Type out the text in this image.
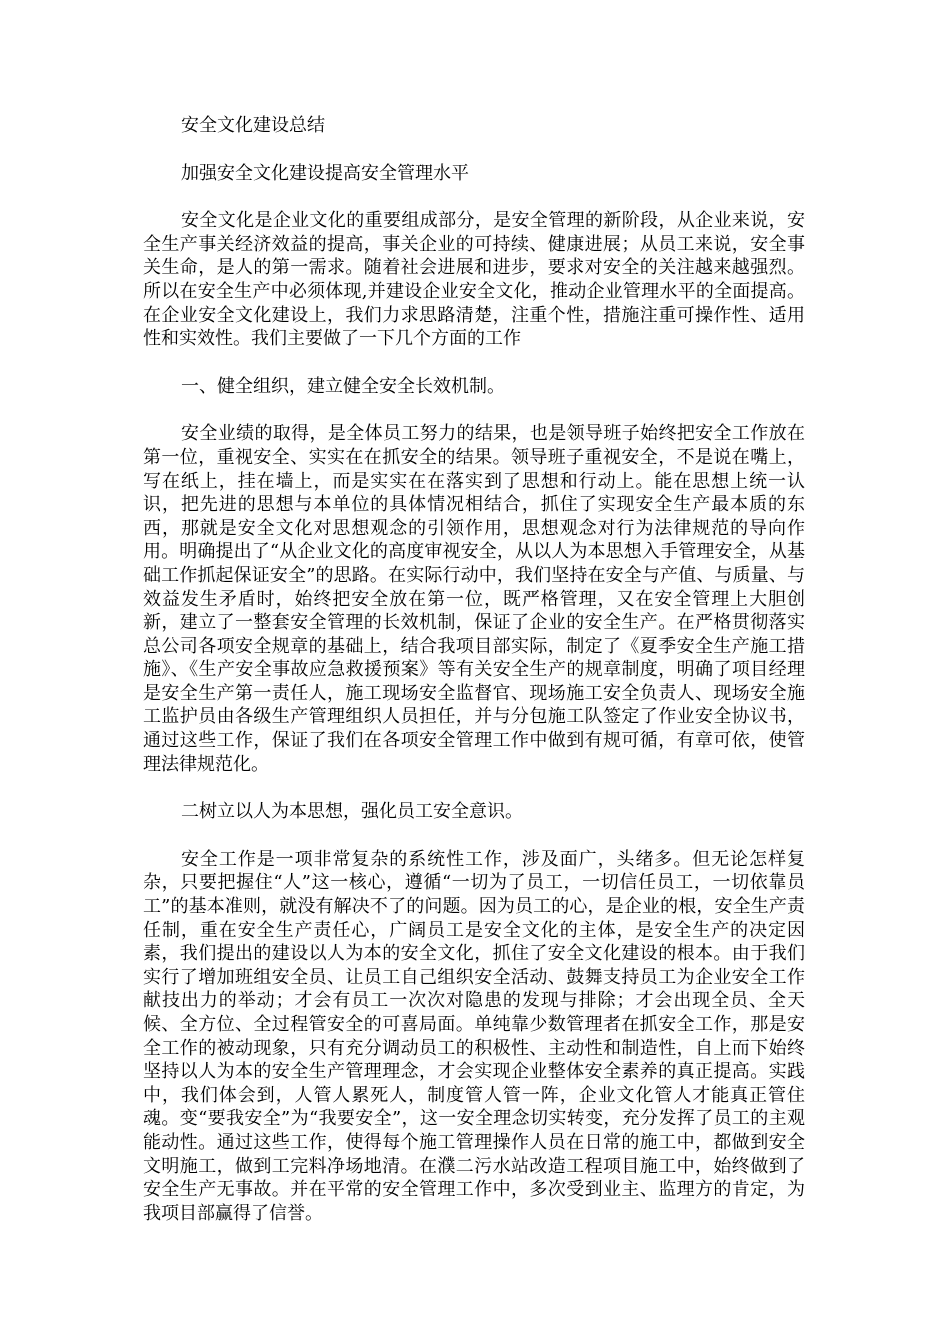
安全文化建设总结

加强安全文化建设提高安全管理水平

安全文化是企业文化的重要组成部分，是安全管理的新阶段，从企业来说，安全生产事关经济效益的提高，事关企业的可持续、健康进展；从员工来说，安全事关生命，是人的第一需求。随着社会进展和进步，要求对安全的关注越来越强烈。所以在安全生产中必须体现,并建设企业安全文化，推动企业管理水平的全面提高。在企业安全文化建设上，我们力求思路清楚，注重个性，措施注重可操作性、适用性和实效性。我们主要做了一下几个方面的工作

一、健全组织，建立健全安全长效机制。

安全业绩的取得，是全体员工努力的结果，也是领导班子始终把安全工作放在第一位，重视安全、实实在在抓安全的结果。领导班子重视安全，不是说在嘴上，写在纸上，挂在墙上，而是实实在在落实到了思想和行动上。能在思想上统一认识，把先进的思想与本单位的具体情况相结合，抓住了实现安全生产最本质的东西，那就是安全文化对思想观念的引领作用，思想观念对行为法律规范的导向作用。明确提出了“从企业文化的高度审视安全，从以人为本思想入手管理安全，从基础工作抓起保证安全”的思路。在实际行动中，我们坚持在安全与产值、与质量、与效益发生矛盾时，始终把安全放在第一位，既严格管理，又在安全管理上大胆创新，建立了一整套安全管理的长效机制，保证了企业的安全生产。在严格贯彻落实总公司各项安全规章的基础上，结合我项目部实际，制定了《夏季安全生产施工措施》、《生产安全事故应急救援预案》等有关安全生产的规章制度，明确了项目经理是安全生产第一责任人，施工现场安全监督官、现场施工安全负责人、现场安全施工监护员由各级生产管理组织人员担任，并与分包施工队签定了作业安全协议书，通过这些工作，保证了我们在各项安全管理工作中做到有规可循，有章可依，使管理法律规范化。

二树立以人为本思想，强化员工安全意识。

安全工作是一项非常复杂的系统性工作，涉及面广，头绪多。但无论怎样复杂，只要把握住“人”这一核心，遵循“一切为了员工，一切信任员工，一切依靠员工”的基本准则，就没有解决不了的问题。因为员工的心，是企业的根，安全生产责任制，重在安全生产责任心，广阔员工是安全文化的主体，是安全生产的决定因素，我们提出的建设以人为本的安全文化，抓住了安全文化建设的根本。由于我们实行了增加班组安全员、让员工自己组织安全活动、鼓舞支持员工为企业安全工作献技出力的举动；才会有员工一次次对隐患的发现与排除；才会出现全员、全天候、全方位、全过程管安全的可喜局面。单纯靠少数管理者在抓安全工作，那是安全工作的被动现象，只有充分调动员工的积极性、主动性和制造性，自上而下始终坚持以人为本的安全生产管理理念，才会实现企业整体安全素养的真正提高。实践中，我们体会到，人管人累死人，制度管人管一阵，企业文化管人才能真正管住魂。变“要我安全”为“我要安全”，这一安全理念切实转变，充分发挥了员工的主观能动性。通过这些工作，使得每个施工管理操作人员在日常的施工中，都做到安全文明施工，做到工完料净场地清。在濮二污水站改造工程项目施工中，始终做到了安全生产无事故。并在平常的安全管理工作中，多次受到业主、监理方的肯定，为我项目部赢得了信誉。
